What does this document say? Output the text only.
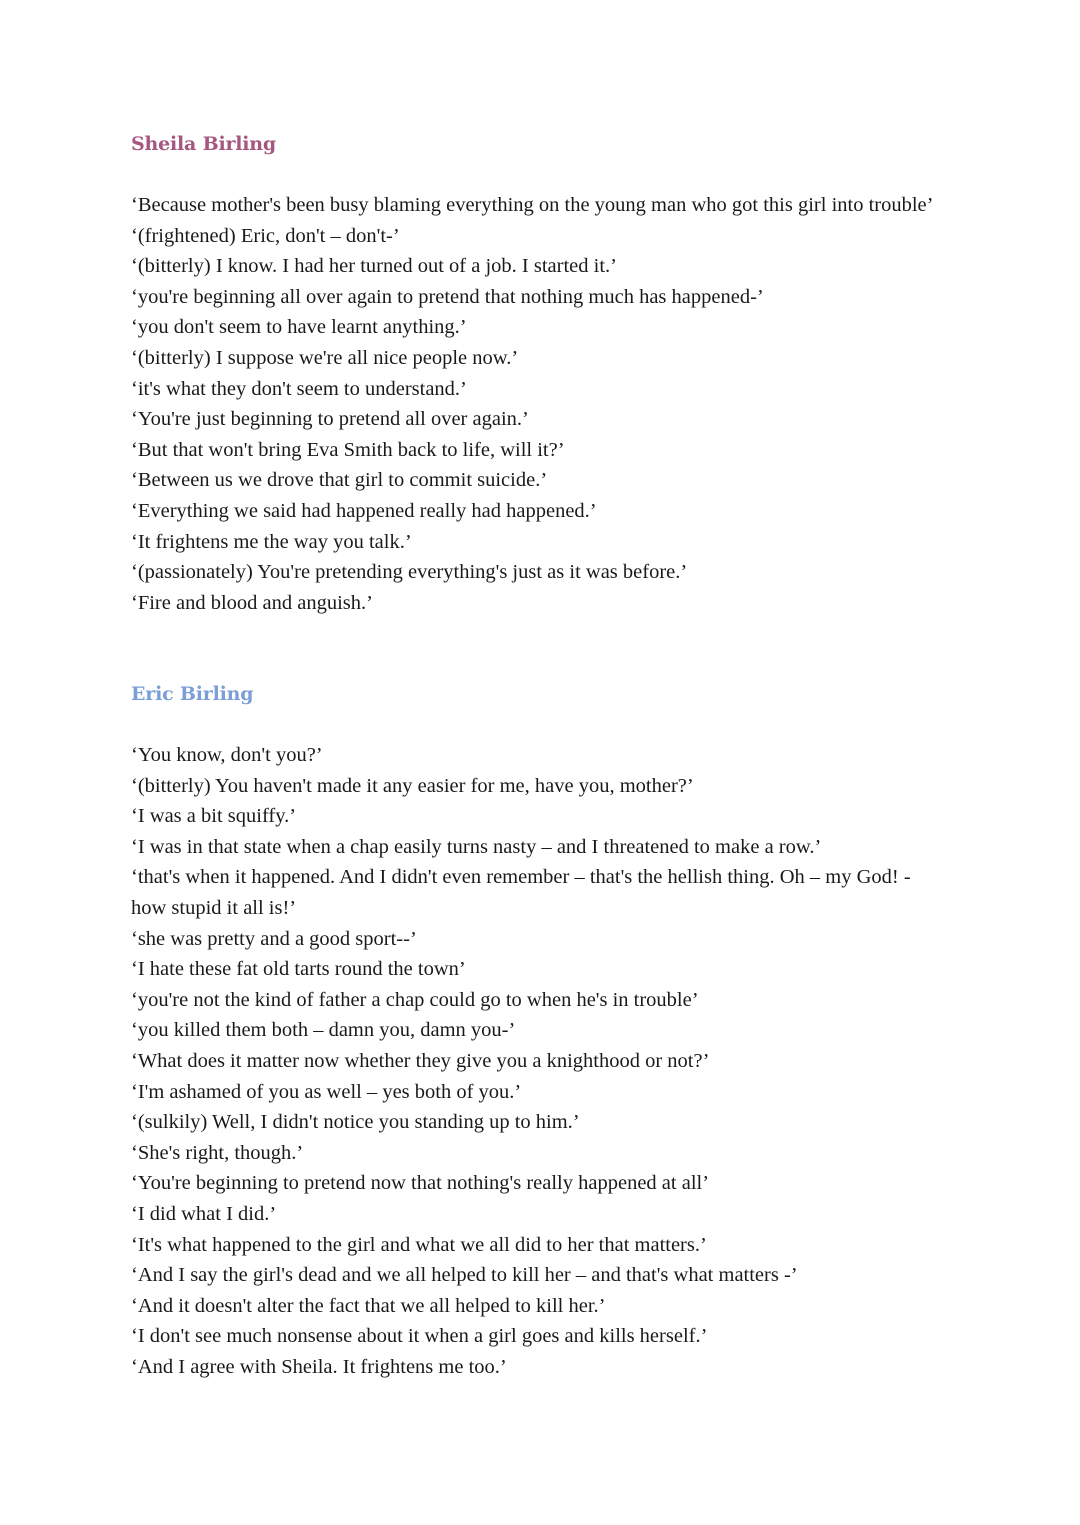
Sheila Birling
‘Because mother's been busy blaming everything on the young man who got this girl into trouble’
‘(frightened) Eric, don't – don't-’
‘(bitterly) I know. I had her turned out of a job. I started it.’
‘you're beginning all over again to pretend that nothing much has happened-’
‘you don't seem to have learnt anything.’
‘(bitterly) I suppose we're all nice people now.’
‘it's what they don't seem to understand.’
‘You're just beginning to pretend all over again.’
‘But that won't bring Eva Smith back to life, will it?’
‘Between us we drove that girl to commit suicide.’
‘Everything we said had happened really had happened.’
‘It frightens me the way you talk.’
‘(passionately) You're pretending everything's just as it was before.’
‘Fire and blood and anguish.’
Eric Birling
‘You know, don't you?’
‘(bitterly) You haven't made it any easier for me, have you, mother?’
‘I was a bit squiffy.’
‘I was in that state when a chap easily turns nasty – and I threatened to make a row.’
‘that's when it happened. And I didn't even remember – that's the hellish thing. Oh – my God! - how stupid it all is!’
‘she was pretty and a good sport--’
‘I hate these fat old tarts round the town’
‘you're not the kind of father a chap could go to when he's in trouble’
‘you killed them both – damn you, damn you-’
‘What does it matter now whether they give you a knighthood or not?’
‘I'm ashamed of you as well – yes both of you.’
‘(sulkily) Well, I didn't notice you standing up to him.’
‘She's right, though.’
‘You're beginning to pretend now that nothing's really happened at all’
‘I did what I did.’
‘It's what happened to the girl and what we all did to her that matters.’
‘And I say the girl's dead and we all helped to kill her – and that's what matters -’
‘And it doesn't alter the fact that we all helped to kill her.’
‘I don't see much nonsense about it when a girl goes and kills herself.’
‘And I agree with Sheila. It frightens me too.’
